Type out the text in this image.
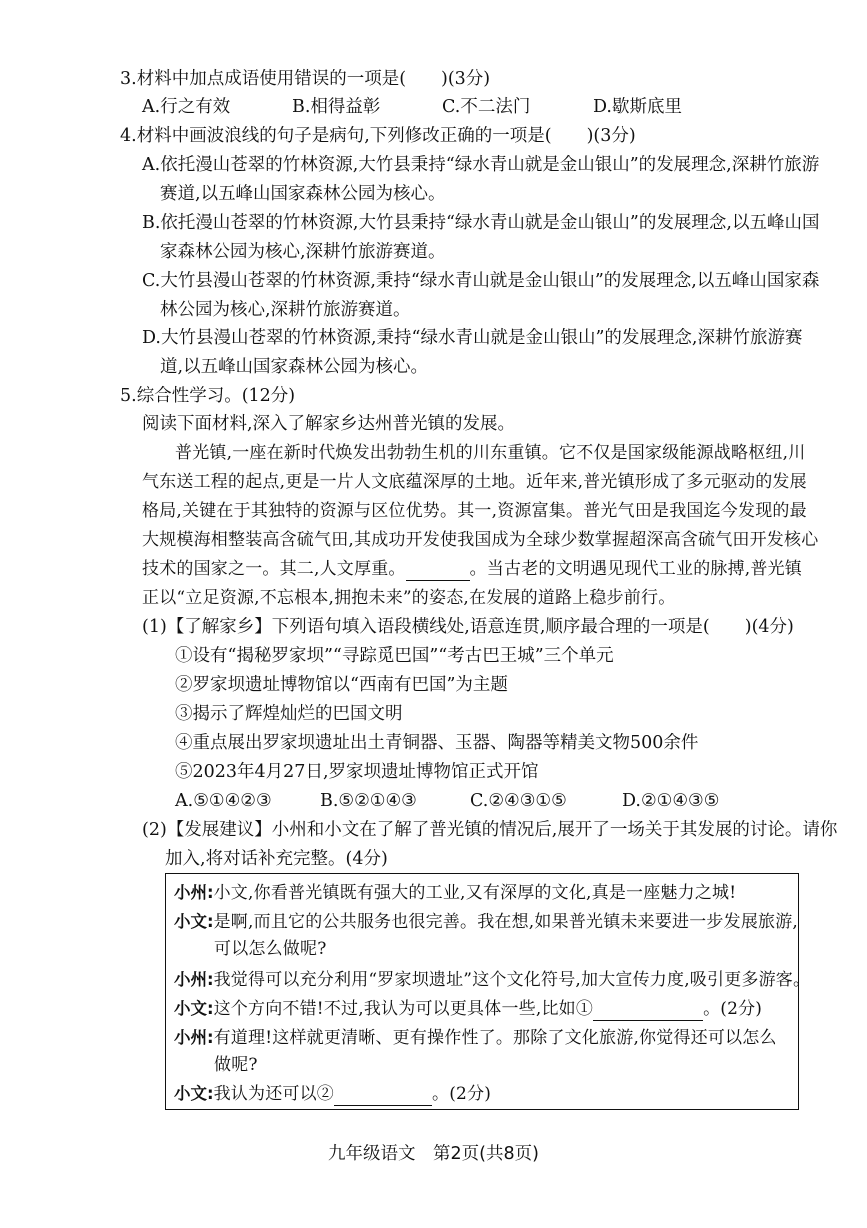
3.材料中加点成语使用错误的一项是(　　)(3分)
A.行之有效	B.相得益彰	C.不二法门	D.歇斯底里
4.材料中画波浪线的句子是病句,下列修改正确的一项是(　　)(3分)
A.依托漫山苍翠的竹林资源,大竹县秉持“绿水青山就是金山银山”的发展理念,深耕竹旅游
赛道,以五峰山国家森林公园为核心。
B.依托漫山苍翠的竹林资源,大竹县秉持“绿水青山就是金山银山”的发展理念,以五峰山国
家森林公园为核心,深耕竹旅游赛道。
C.大竹县漫山苍翠的竹林资源,秉持“绿水青山就是金山银山”的发展理念,以五峰山国家森
林公园为核心,深耕竹旅游赛道。
D.大竹县漫山苍翠的竹林资源,秉持“绿水青山就是金山银山”的发展理念,深耕竹旅游赛
道,以五峰山国家森林公园为核心。
5.综合性学习。(12分)
阅读下面材料,深入了解家乡达州普光镇的发展。
普光镇,一座在新时代焕发出勃勃生机的川东重镇。它不仅是国家级能源战略枢纽,川
气东送工程的起点,更是一片人文底蕴深厚的土地。近年来,普光镇形成了多元驱动的发展
格局,关键在于其独特的资源与区位优势。其一,资源富集。普光气田是我国迄今发现的最
大规模海相整装高含硫气田,其成功开发使我国成为全球少数掌握超深高含硫气田开发核心
技术的国家之一。其二,人文厚重。	。当古老的文明遇见现代工业的脉搏,普光镇
正以“立足资源,不忘根本,拥抱未来”的姿态,在发展的道路上稳步前行。
(1)【了解家乡】下列语句填入语段横线处,语意连贯,顺序最合理的一项是(　　)(4分)
①设有“揭秘罗家坝”“寻踪觅巴国”“考古巴王城”三个单元
②罗家坝遗址博物馆以“西南有巴国”为主题
③揭示了辉煌灿烂的巴国文明
④重点展出罗家坝遗址出土青铜器、玉器、陶器等精美文物500余件
⑤2023年4月27日,罗家坝遗址博物馆正式开馆
A.⑤①④②③	B.⑤②①④③	C.②④③①⑤	D.②①④③⑤
(2)【发展建议】小州和小文在了解了普光镇的情况后,展开了一场关于其发展的讨论。请你
加入,将对话补充完整。(4分)
小州:小文,你看普光镇既有强大的工业,又有深厚的文化,真是一座魅力之城!
小文:是啊,而且它的公共服务也很完善。我在想,如果普光镇未来要进一步发展旅游,
可以怎么做呢?
小州:我觉得可以充分利用“罗家坝遗址”这个文化符号,加大宣传力度,吸引更多游客。
小文:这个方向不错!不过,我认为可以更具体一些,比如①	。(2分)
小州:有道理!这样就更清晰、更有操作性了。那除了文化旅游,你觉得还可以怎么
做呢?
小文:我认为还可以②	。(2分)
九年级语文　第2页(共8页)
